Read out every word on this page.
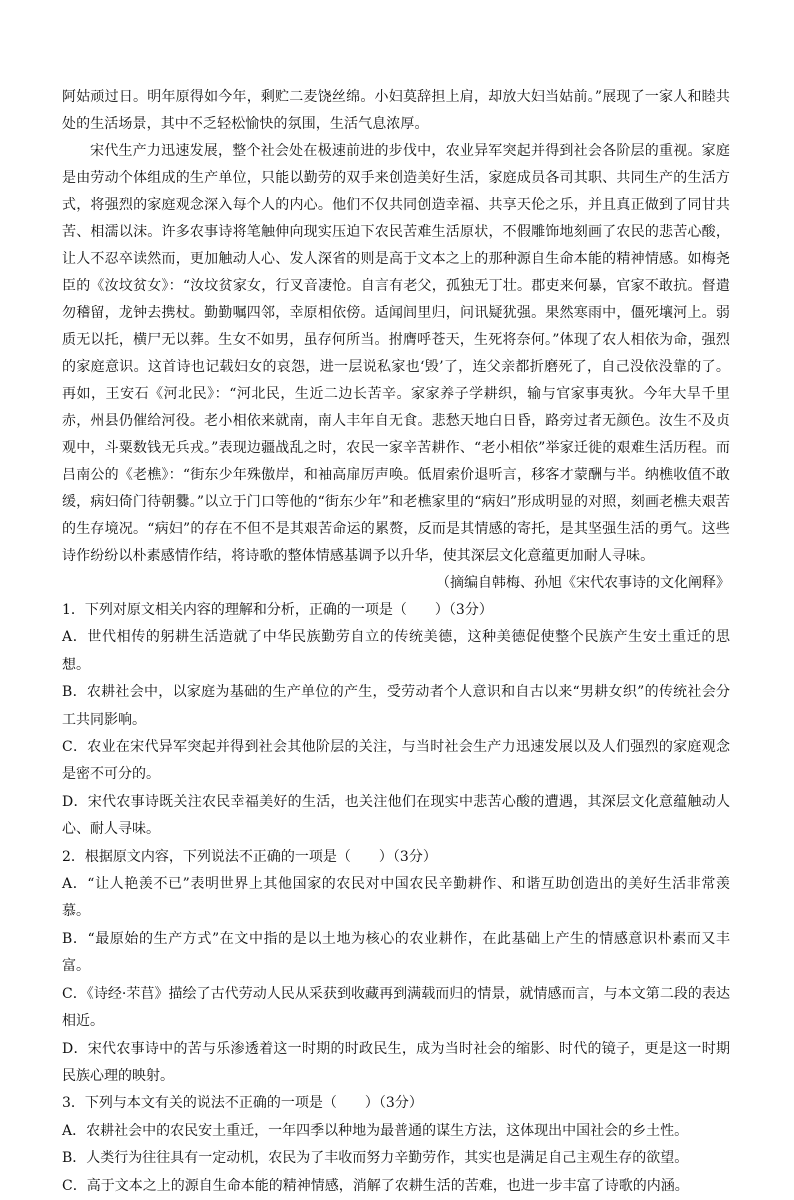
阿姑顽过日。明年原得如今年，剩贮二麦饶丝绵。小妇莫辞担上肩，却放大妇当姑前。”展现了一家人和睦共处的生活场景，其中不乏轻松愉快的氛围，生活气息浓厚。

宋代生产力迅速发展，整个社会处在极速前进的步伐中，农业异军突起并得到社会各阶层的重视。家庭是由劳动个体组成的生产单位，只能以勤劳的双手来创造美好生活，家庭成员各司其职、共同生产的生活方式，将强烈的家庭观念深入每个人的内心。他们不仅共同创造幸福、共享天伦之乐，并且真正做到了同甘共苦、相濡以沫。许多农事诗将笔触伸向现实压迫下农民苦难生活原状，不假雕饰地刻画了农民的悲苦心酸，让人不忍卒读然而，更加触动人心、发人深省的则是高于文本之上的那种源自生命本能的精神情感。如梅尧臣的《汝坟贫女》：“汝坟贫家女，行叉音凄怆。自言有老父，孤独无丁壮。郡吏来何暴，官家不敢抗。督遣勿稽留，龙钟去携杖。勤勤嘱四邻，幸原相依傍。适闻闾里归，问讯疑犹强。果然寒雨中，僵死壤河上。弱质无以托，横尸无以葬。生女不如男，虽存何所当。拊膺呼苍天，生死将奈何。”体现了农人相依为命，强烈的家庭意识。这首诗也记载妇女的哀怨，进一层说私家也‘毁’了，连父亲都折磨死了，自己没依没靠的了。再如，王安石《河北民》：“河北民，生近二边长苦辛。家家养子学耕织，输与官家事夷狄。今年大旱千里赤，州县仍催给河役。老小相依来就南，南人丰年自无食。悲愁天地白日昏，路旁过者无颜色。汝生不及贞观中，斗粟数钱无兵戎。”表现边疆战乱之时，农民一家辛苦耕作、“老小相依”举家迁徙的艰难生活历程。而吕南公的《老樵》：“街东少年殊傲岸，和袖高扉厉声唤。低眉索价退听言，移客才蒙酬与半。纳樵收值不敢缓，病妇倚门待朝爨。”以立于门口等他的“街东少年”和老樵家里的“病妇”形成明显的对照，刻画老樵夫艰苦的生存境况。“病妇”的存在不但不是其艰苦命运的累赘，反而是其情感的寄托，是其坚强生活的勇气。这些诗作纷纷以朴素感情作结，将诗歌的整体情感基调予以升华，使其深层文化意蕴更加耐人寻味。

（摘编自韩梅、孙旭《宋代农事诗的文化阐释》

1．下列对原文相关内容的理解和分析，正确的一项是（　　）（3分）

A．世代相传的躬耕生活造就了中华民族勤劳自立的传统美德，这种美德促使整个民族产生安土重迁的思想。

B．农耕社会中，以家庭为基础的生产单位的产生，受劳动者个人意识和自古以来“男耕女织”的传统社会分工共同影响。

C．农业在宋代异军突起并得到社会其他阶层的关注，与当时社会生产力迅速发展以及人们强烈的家庭观念是密不可分的。

D．宋代农事诗既关注农民幸福美好的生活，也关注他们在现实中悲苦心酸的遭遇，其深层文化意蕴触动人心、耐人寻味。

2．根据原文内容，下列说法不正确的一项是（　　）（3分）

A．“让人艳羡不已”表明世界上其他国家的农民对中国农民辛勤耕作、和谐互助创造出的美好生活非常羡慕。

B．“最原始的生产方式”在文中指的是以土地为核心的农业耕作，在此基础上产生的情感意识朴素而又丰富。

C．《诗经·芣苢》描绘了古代劳动人民从采获到收藏再到满载而归的情景，就情感而言，与本文第二段的表达相近。

D．宋代农事诗中的苦与乐渗透着这一时期的时政民生，成为当时社会的缩影、时代的镜子，更是这一时期民族心理的映射。

3．下列与本文有关的说法不正确的一项是（　　）（3分）

A．农耕社会中的农民安土重迁，一年四季以种地为最普通的谋生方法，这体现出中国社会的乡土性。

B．人类行为往往具有一定动机，农民为了丰收而努力辛勤劳作，其实也是满足自己主观生存的欲望。

C．高于文本之上的源自生命本能的精神情感，消解了农耕生活的苦难，也进一步丰富了诗歌的内涵。
